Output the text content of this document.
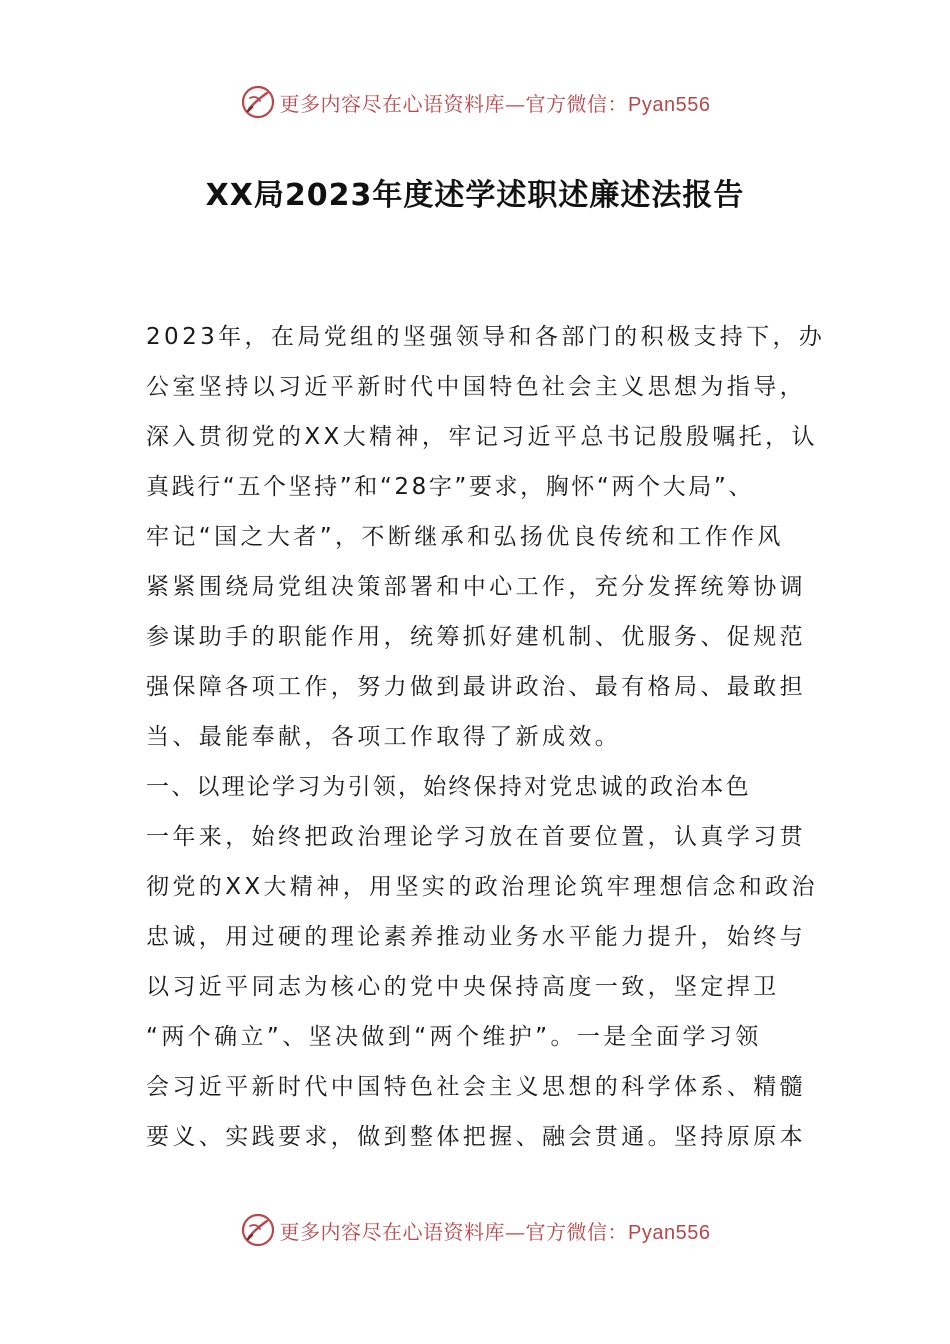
更多内容尽在心语资料库—官方微信：Pyan556
XX局2023年度述学述职述廉述法报告
2023年，在局党组的坚强领导和各部门的积极支持下，办
公室坚持以习近平新时代中国特色社会主义思想为指导，
深入贯彻党的XX大精神，牢记习近平总书记殷殷嘱托，认
真践行“五个坚持”和“28字”要求，胸怀“两个大局”、
牢记“国之大者”，不断继承和弘扬优良传统和工作作风
紧紧围绕局党组决策部署和中心工作，充分发挥统筹协调
参谋助手的职能作用，统筹抓好建机制、优服务、促规范
强保障各项工作，努力做到最讲政治、最有格局、最敢担
当、最能奉献，各项工作取得了新成效。
一、以理论学习为引领，始终保持对党忠诚的政治本色
一年来，始终把政治理论学习放在首要位置，认真学习贯
彻党的XX大精神，用坚实的政治理论筑牢理想信念和政治
忠诚，用过硬的理论素养推动业务水平能力提升，始终与
以习近平同志为核心的党中央保持高度一致，坚定捍卫
“两个确立”、坚决做到“两个维护”。一是全面学习领
会习近平新时代中国特色社会主义思想的科学体系、精髓
要义、实践要求，做到整体把握、融会贯通。坚持原原本
更多内容尽在心语资料库—官方微信：Pyan556
